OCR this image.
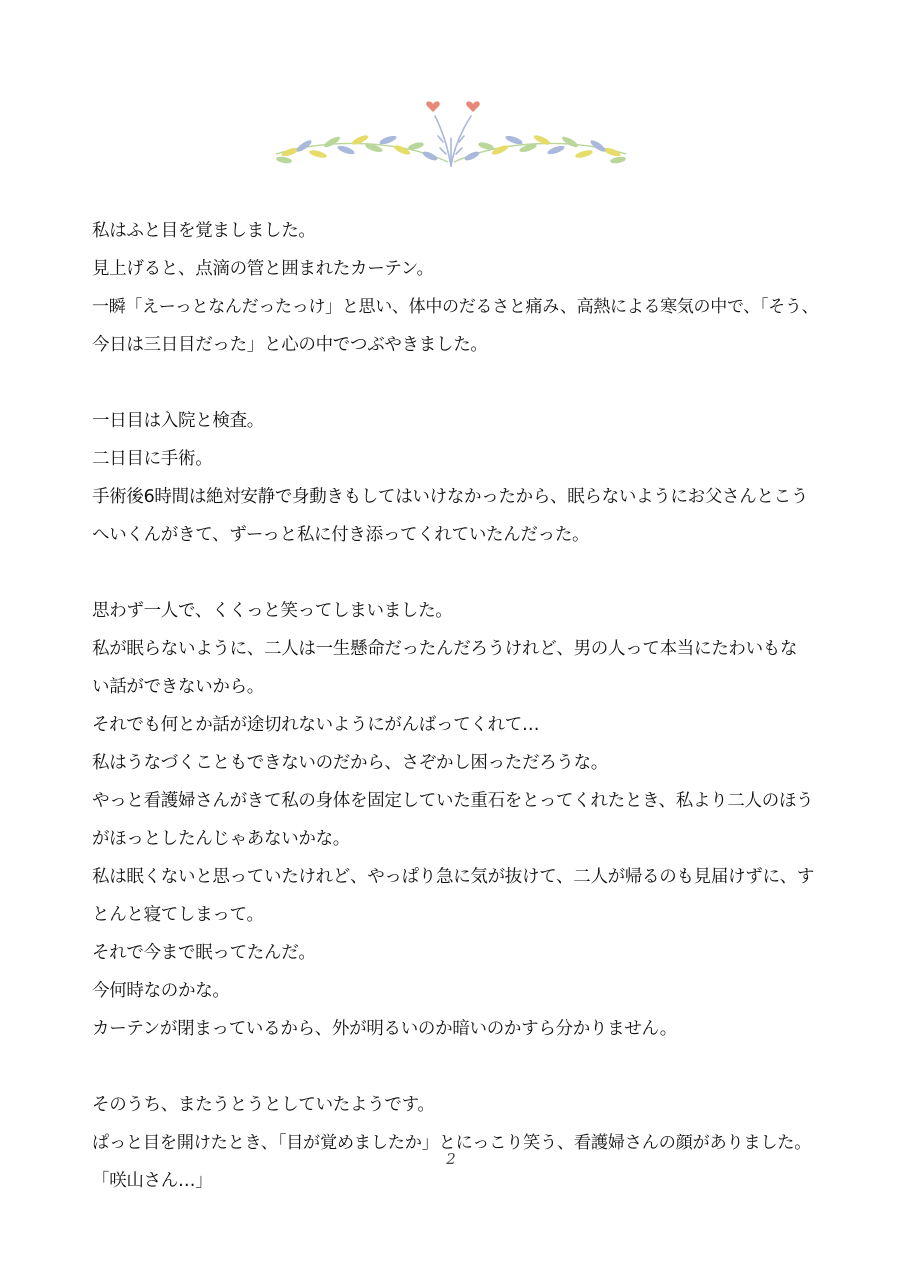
私はふと目を覚ましました。
見上げると、点滴の管と囲まれたカーテン。
一瞬「えーっとなんだったっけ」と思い、体中のだるさと痛み、高熱による寒気の中で、「そう、
今日は三日目だった」と心の中でつぶやきました。
一日目は入院と検査。
二日目に手術。
手術後6時間は絶対安静で身動きもしてはいけなかったから、眠らないようにお父さんとこう
へいくんがきて、ずーっと私に付き添ってくれていたんだった。
思わず一人で、くくっと笑ってしまいました。
私が眠らないように、二人は一生懸命だったんだろうけれど、男の人って本当にたわいもな
い話ができないから。
それでも何とか話が途切れないようにがんばってくれて…
私はうなづくこともできないのだから、さぞかし困っただろうな。
やっと看護婦さんがきて私の身体を固定していた重石をとってくれたとき、私より二人のほう
がほっとしたんじゃあないかな。
私は眠くないと思っていたけれど、やっぱり急に気が抜けて、二人が帰るのも見届けずに、す
とんと寝てしまって。
それで今まで眠ってたんだ。
今何時なのかな。
カーテンが閉まっているから、外が明るいのか暗いのかすら分かりません。
そのうち、またうとうとしていたようです。
ぱっと目を開けたとき、「目が覚めましたか」とにっこり笑う、看護婦さんの顔がありました。
「咲山さん…」
2
